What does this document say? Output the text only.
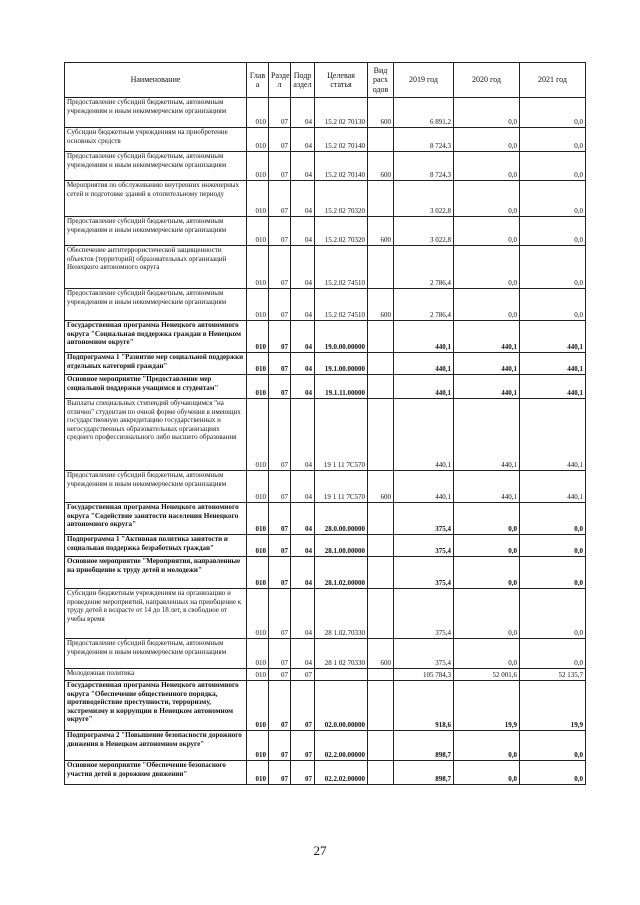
Наименование	Глав а	Разде л	Подр аздел	Целевая статья	Вид расх одов	2019 год	2020 год	2021 год
Предоставление субсидий бюджетным, автономным учреждениям и иным некоммерческим организациям	010	07	04	15.2 02 70130	600	6 891,2	0,0	0,0
Субсидии бюджетным учреждениям на приобретение основных средств	010	07	04	15.2 02 70140		8 724,3	0,0	0,0
Предоставление субсидий бюджетным, автономным учреждениям и иным некоммерческим организациям	010	07	04	15.2 02 70140	600	8 724,3	0,0	0,0
Мероприятия по обслуживанию внутренних инженерных сетей и подготовке зданий к отопительному периоду	010	07	04	15.2 02 70320		3 022,8	0,0	0,0
Предоставление субсидий бюджетным, автономным учреждениям и иным некоммерческим организациям	010	07	04	15.2.02 70320	600	3 022,8	0,0	0,0
Обеспечение антитеррористической защищенности объектов (территорий) образовательных организаций Ненецкого автономного округа	010	07	04	15.2.02 74510		2 786,4	0,0	0,0
Предоставление субсидий бюджетным, автономным учреждениям и иным некоммерческим организациям	010	07	04	15.2 02 74510	600	2 786,4	0,0	0,0
Государственная программа Ненецкого автономного округа "Социальная поддержка граждан в Ненецком автономном округе"	010	07	04	19.0.00.00000		440,1	440,1	440,1
Подпрограмма 1 "Развитие мер социальной поддержки отдельных категорий граждан"	010	07	04	19.1.00.00000		440,1	440,1	440,1
Основное мероприятие "Предоставление мер социальной поддержки учащимся и студентам"	010	07	04	19.1.11.00000		440,1	440,1	440,1
Выплаты специальных стипендий обучающимся "на отлично" студентам по очной форме обучения в имеющих государственную аккредитацию государственных и негосударственных образовательных организациях среднего профессионального либо высшего образования	010	07	04	19 1 11 7С570		440,1	440,1	440,1
Предоставление субсидий бюджетным, автономным учреждениям и иным некоммерческим организациям	010	07	04	19 1 11 7С570	600	440,1	440,1	440,1
Государственная программа Ненецкого автономного округа "Содействие занятости населения Ненецкого автономного округа"	010	07	04	28.0.00.00000		375,4	0,0	0,0
Подпрограмма 1 "Активная политика занятости и социальная поддержка безработных граждан"	010	07	04	28.1.00.00000		375,4	0,0	0,0
Основное мероприятие "Мероприятия, направленные на приобщение к труду детей и молодежи"	010	07	04	28.1.02.00000		375,4	0,0	0,0
Субсидии бюджетным учреждениям на организацию и проведение мероприятий, направленных на приобщение к труду детей в возрасте от 14 до 18 лет, в свободное от учебы время	010	07	04	28 1.02.70330		375,4	0,0	0,0
Предоставление субсидий бюджетным, автономным учреждениям и иным некоммерческим организациям	010	07	04	28 1 02 70330	600	375,4	0,0	0,0
Молодежная политика	010	07	07			105 784,3	52 001,6	52 135,7
Государственная программа Ненецкого автономного округа "Обеспечение общественного порядка, противодействие преступности, терроризму, экстремизму и коррупции в Ненецком автономном округе"	010	07	07	02.0.00.00000		918,6	19,9	19,9
Подпрограмма 2 "Повышение безопасности дорожного движения в Ненецком автономном округе"	010	07	07	02.2.00.00000		898,7	0,0	0,0
Основное мероприятие "Обеспечение безопасного участия детей в дорожном движении"	010	07	07	02.2.02.00000		898,7	0,0	0,0
27
